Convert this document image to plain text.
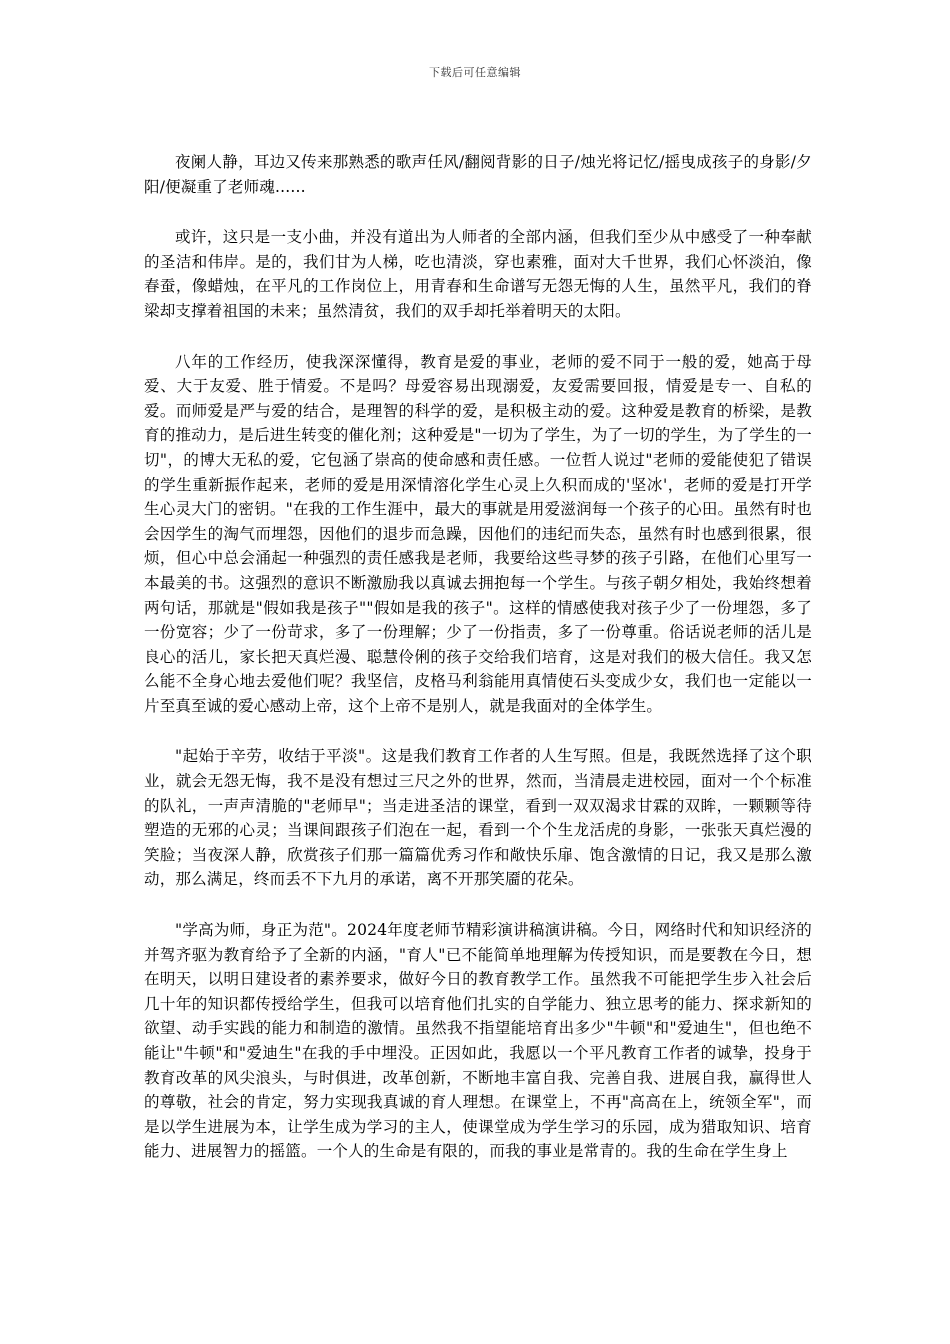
下载后可任意编辑

夜阑人静，耳边又传来那熟悉的歌声任风/翻阅背影的日子/烛光将记忆/摇曳成孩子的身影/夕阳/便凝重了老师魂......

或许，这只是一支小曲，并没有道出为人师者的全部内涵，但我们至少从中感受了一种奉献的圣洁和伟岸。是的，我们甘为人梯，吃也清淡，穿也素雅，面对大千世界，我们心怀淡泊，像春蚕，像蜡烛，在平凡的工作岗位上，用青春和生命谱写无怨无悔的人生，虽然平凡，我们的脊梁却支撑着祖国的未来；虽然清贫，我们的双手却托举着明天的太阳。

八年的工作经历，使我深深懂得，教育是爱的事业，老师的爱不同于一般的爱，她高于母爱、大于友爱、胜于情爱。不是吗？母爱容易出现溺爱，友爱需要回报，情爱是专一、自私的爱。而师爱是严与爱的结合，是理智的科学的爱，是积极主动的爱。这种爱是教育的桥梁，是教育的推动力，是后进生转变的催化剂；这种爱是"一切为了学生，为了一切的学生，为了学生的一切"，的博大无私的爱，它包涵了崇高的使命感和责任感。一位哲人说过"老师的爱能使犯了错误的学生重新振作起来，老师的爱是用深情溶化学生心灵上久积而成的'坚冰'，老师的爱是打开学生心灵大门的密钥。"在我的工作生涯中，最大的事就是用爱滋润每一个孩子的心田。虽然有时也会因学生的淘气而埋怨，因他们的退步而急躁，因他们的违纪而失态，虽然有时也感到很累，很烦，但心中总会涌起一种强烈的责任感我是老师，我要给这些寻梦的孩子引路，在他们心里写一本最美的书。这强烈的意识不断激励我以真诚去拥抱每一个学生。与孩子朝夕相处，我始终想着两句话，那就是"假如我是孩子""假如是我的孩子"。这样的情感使我对孩子少了一份埋怨，多了一份宽容；少了一份苛求，多了一份理解；少了一份指责，多了一份尊重。俗话说老师的活儿是良心的活儿，家长把天真烂漫、聪慧伶俐的孩子交给我们培育，这是对我们的极大信任。我又怎么能不全身心地去爱他们呢？我坚信，皮格马利翁能用真情使石头变成少女，我们也一定能以一片至真至诚的爱心感动上帝，这个上帝不是别人，就是我面对的全体学生。

"起始于辛劳，收结于平淡"。这是我们教育工作者的人生写照。但是，我既然选择了这个职业，就会无怨无悔，我不是没有想过三尺之外的世界，然而，当清晨走进校园，面对一个个标准的队礼，一声声清脆的"老师早"；当走进圣洁的课堂，看到一双双渴求甘霖的双眸，一颗颗等待塑造的无邪的心灵；当课间跟孩子们泡在一起，看到一个个生龙活虎的身影，一张张天真烂漫的笑脸；当夜深人静，欣赏孩子们那一篇篇优秀习作和敞快乐扉、饱含激情的日记，我又是那么激动，那么满足，终而丢不下九月的承诺，离不开那笑靥的花朵。

"学高为师，身正为范"。2024年度老师节精彩演讲稿演讲稿。今日，网络时代和知识经济的并驾齐驱为教育给予了全新的内涵，"育人"已不能简单地理解为传授知识，而是要教在今日，想在明天，以明日建设者的素养要求，做好今日的教育教学工作。虽然我不可能把学生步入社会后几十年的知识都传授给学生，但我可以培育他们扎实的自学能力、独立思考的能力、探求新知的欲望、动手实践的能力和制造的激情。虽然我不指望能培育出多少"牛顿"和"爱迪生"，但也绝不能让"牛顿"和"爱迪生"在我的手中埋没。正因如此，我愿以一个平凡教育工作者的诚挚，投身于教育改革的风尖浪头，与时俱进，改革创新，不断地丰富自我、完善自我、进展自我，赢得世人的尊敬，社会的肯定，努力实现我真诚的育人理想。在课堂上，不再"高高在上，统领全军"，而是以学生进展为本，让学生成为学习的主人，使课堂成为学生学习的乐园，成为猎取知识、培育能力、进展智力的摇篮。一个人的生命是有限的，而我的事业是常青的。我的生命在学生身上
